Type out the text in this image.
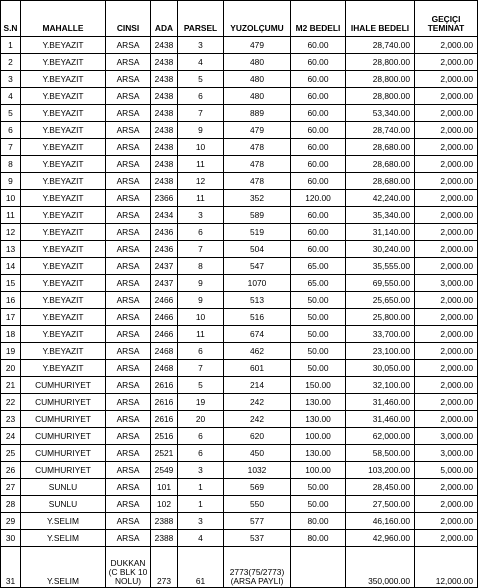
S.N	MAHALLE	CINSI	ADA	PARSEL	YUZOLÇUMU	M2 BEDELI	IHALE BEDELI	GEÇIÇI TEMINAT
1	Y.BEYAZIT	ARSA	2438	3	479	60.00	28,740.00	2,000.00
2	Y.BEYAZIT	ARSA	2438	4	480	60.00	28,800.00	2,000.00
3	Y.BEYAZIT	ARSA	2438	5	480	60.00	28,800.00	2,000.00
4	Y.BEYAZIT	ARSA	2438	6	480	60.00	28,800.00	2,000.00
5	Y.BEYAZIT	ARSA	2438	7	889	60.00	53,340.00	2,000.00
6	Y.BEYAZIT	ARSA	2438	9	479	60.00	28,740.00	2,000.00
7	Y.BEYAZIT	ARSA	2438	10	478	60.00	28,680.00	2,000.00
8	Y.BEYAZIT	ARSA	2438	11	478	60.00	28,680.00	2,000.00
9	Y.BEYAZIT	ARSA	2438	12	478	60.00	28,680.00	2,000.00
10	Y.BEYAZIT	ARSA	2366	11	352	120.00	42,240.00	2,000.00
11	Y.BEYAZIT	ARSA	2434	3	589	60.00	35,340.00	2,000.00
12	Y.BEYAZIT	ARSA	2436	6	519	60.00	31,140.00	2,000.00
13	Y.BEYAZIT	ARSA	2436	7	504	60.00	30,240.00	2,000.00
14	Y.BEYAZIT	ARSA	2437	8	547	65.00	35,555.00	2,000.00
15	Y.BEYAZIT	ARSA	2437	9	1070	65.00	69,550.00	3,000.00
16	Y.BEYAZIT	ARSA	2466	9	513	50.00	25,650.00	2,000.00
17	Y.BEYAZIT	ARSA	2466	10	516	50.00	25,800.00	2,000.00
18	Y.BEYAZIT	ARSA	2466	11	674	50.00	33,700.00	2,000.00
19	Y.BEYAZIT	ARSA	2468	6	462	50.00	23,100.00	2,000.00
20	Y.BEYAZIT	ARSA	2468	7	601	50.00	30,050.00	2,000.00
21	CUMHURIYET	ARSA	2616	5	214	150.00	32,100.00	2,000.00
22	CUMHURIYET	ARSA	2616	19	242	130.00	31,460.00	2,000.00
23	CUMHURIYET	ARSA	2616	20	242	130.00	31,460.00	2,000.00
24	CUMHURIYET	ARSA	2516	6	620	100.00	62,000.00	3,000.00
25	CUMHURIYET	ARSA	2521	6	450	130.00	58,500.00	3,000.00
26	CUMHURIYET	ARSA	2549	3	1032	100.00	103,200.00	5,000.00
27	SUNLU	ARSA	101	1	569	50.00	28,450.00	2,000.00
28	SUNLU	ARSA	102	1	550	50.00	27,500.00	2,000.00
29	Y.SELIM	ARSA	2388	3	577	80.00	46,160.00	2,000.00
30	Y.SELIM	ARSA	2388	4	537	80.00	42,960.00	2,000.00
31	Y.SELIM	DUKKAN (C BLK 10 NOLU)	273	61	2773(75/2773) (ARSA PAYLI)		350,000.00	12,000.00
